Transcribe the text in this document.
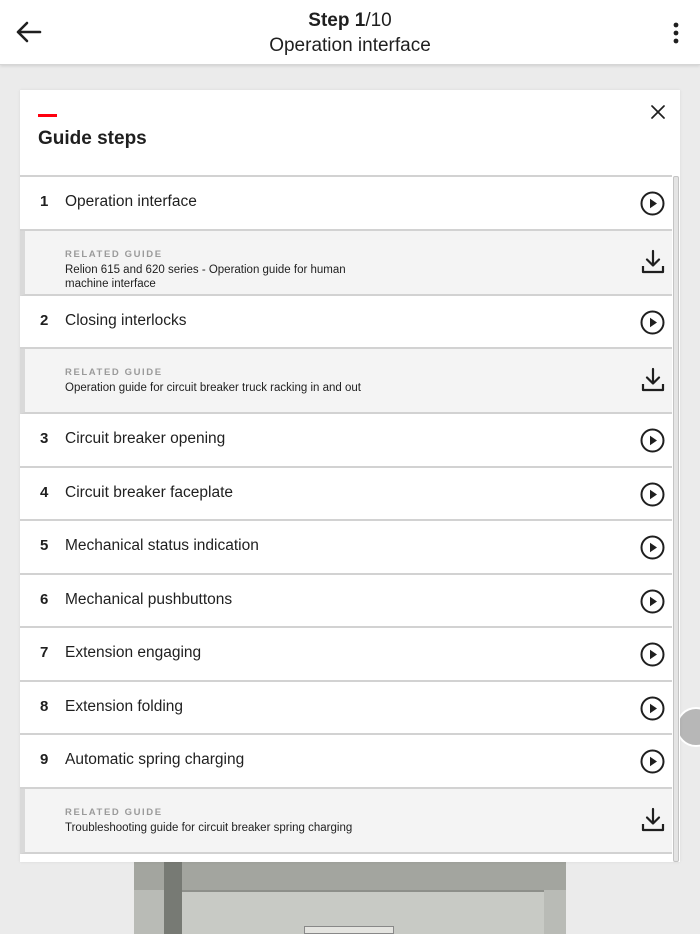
Step 1/10
Operation interface
Guide steps
1 Operation interface
RELATED GUIDE
Relion 615 and 620 series - Operation guide for human machine interface
2 Closing interlocks
RELATED GUIDE
Operation guide for circuit breaker truck racking in and out
3 Circuit breaker opening
4 Circuit breaker faceplate
5 Mechanical status indication
6 Mechanical pushbuttons
7 Extension engaging
8 Extension folding
9 Automatic spring charging
RELATED GUIDE
Troubleshooting guide for circuit breaker spring charging
